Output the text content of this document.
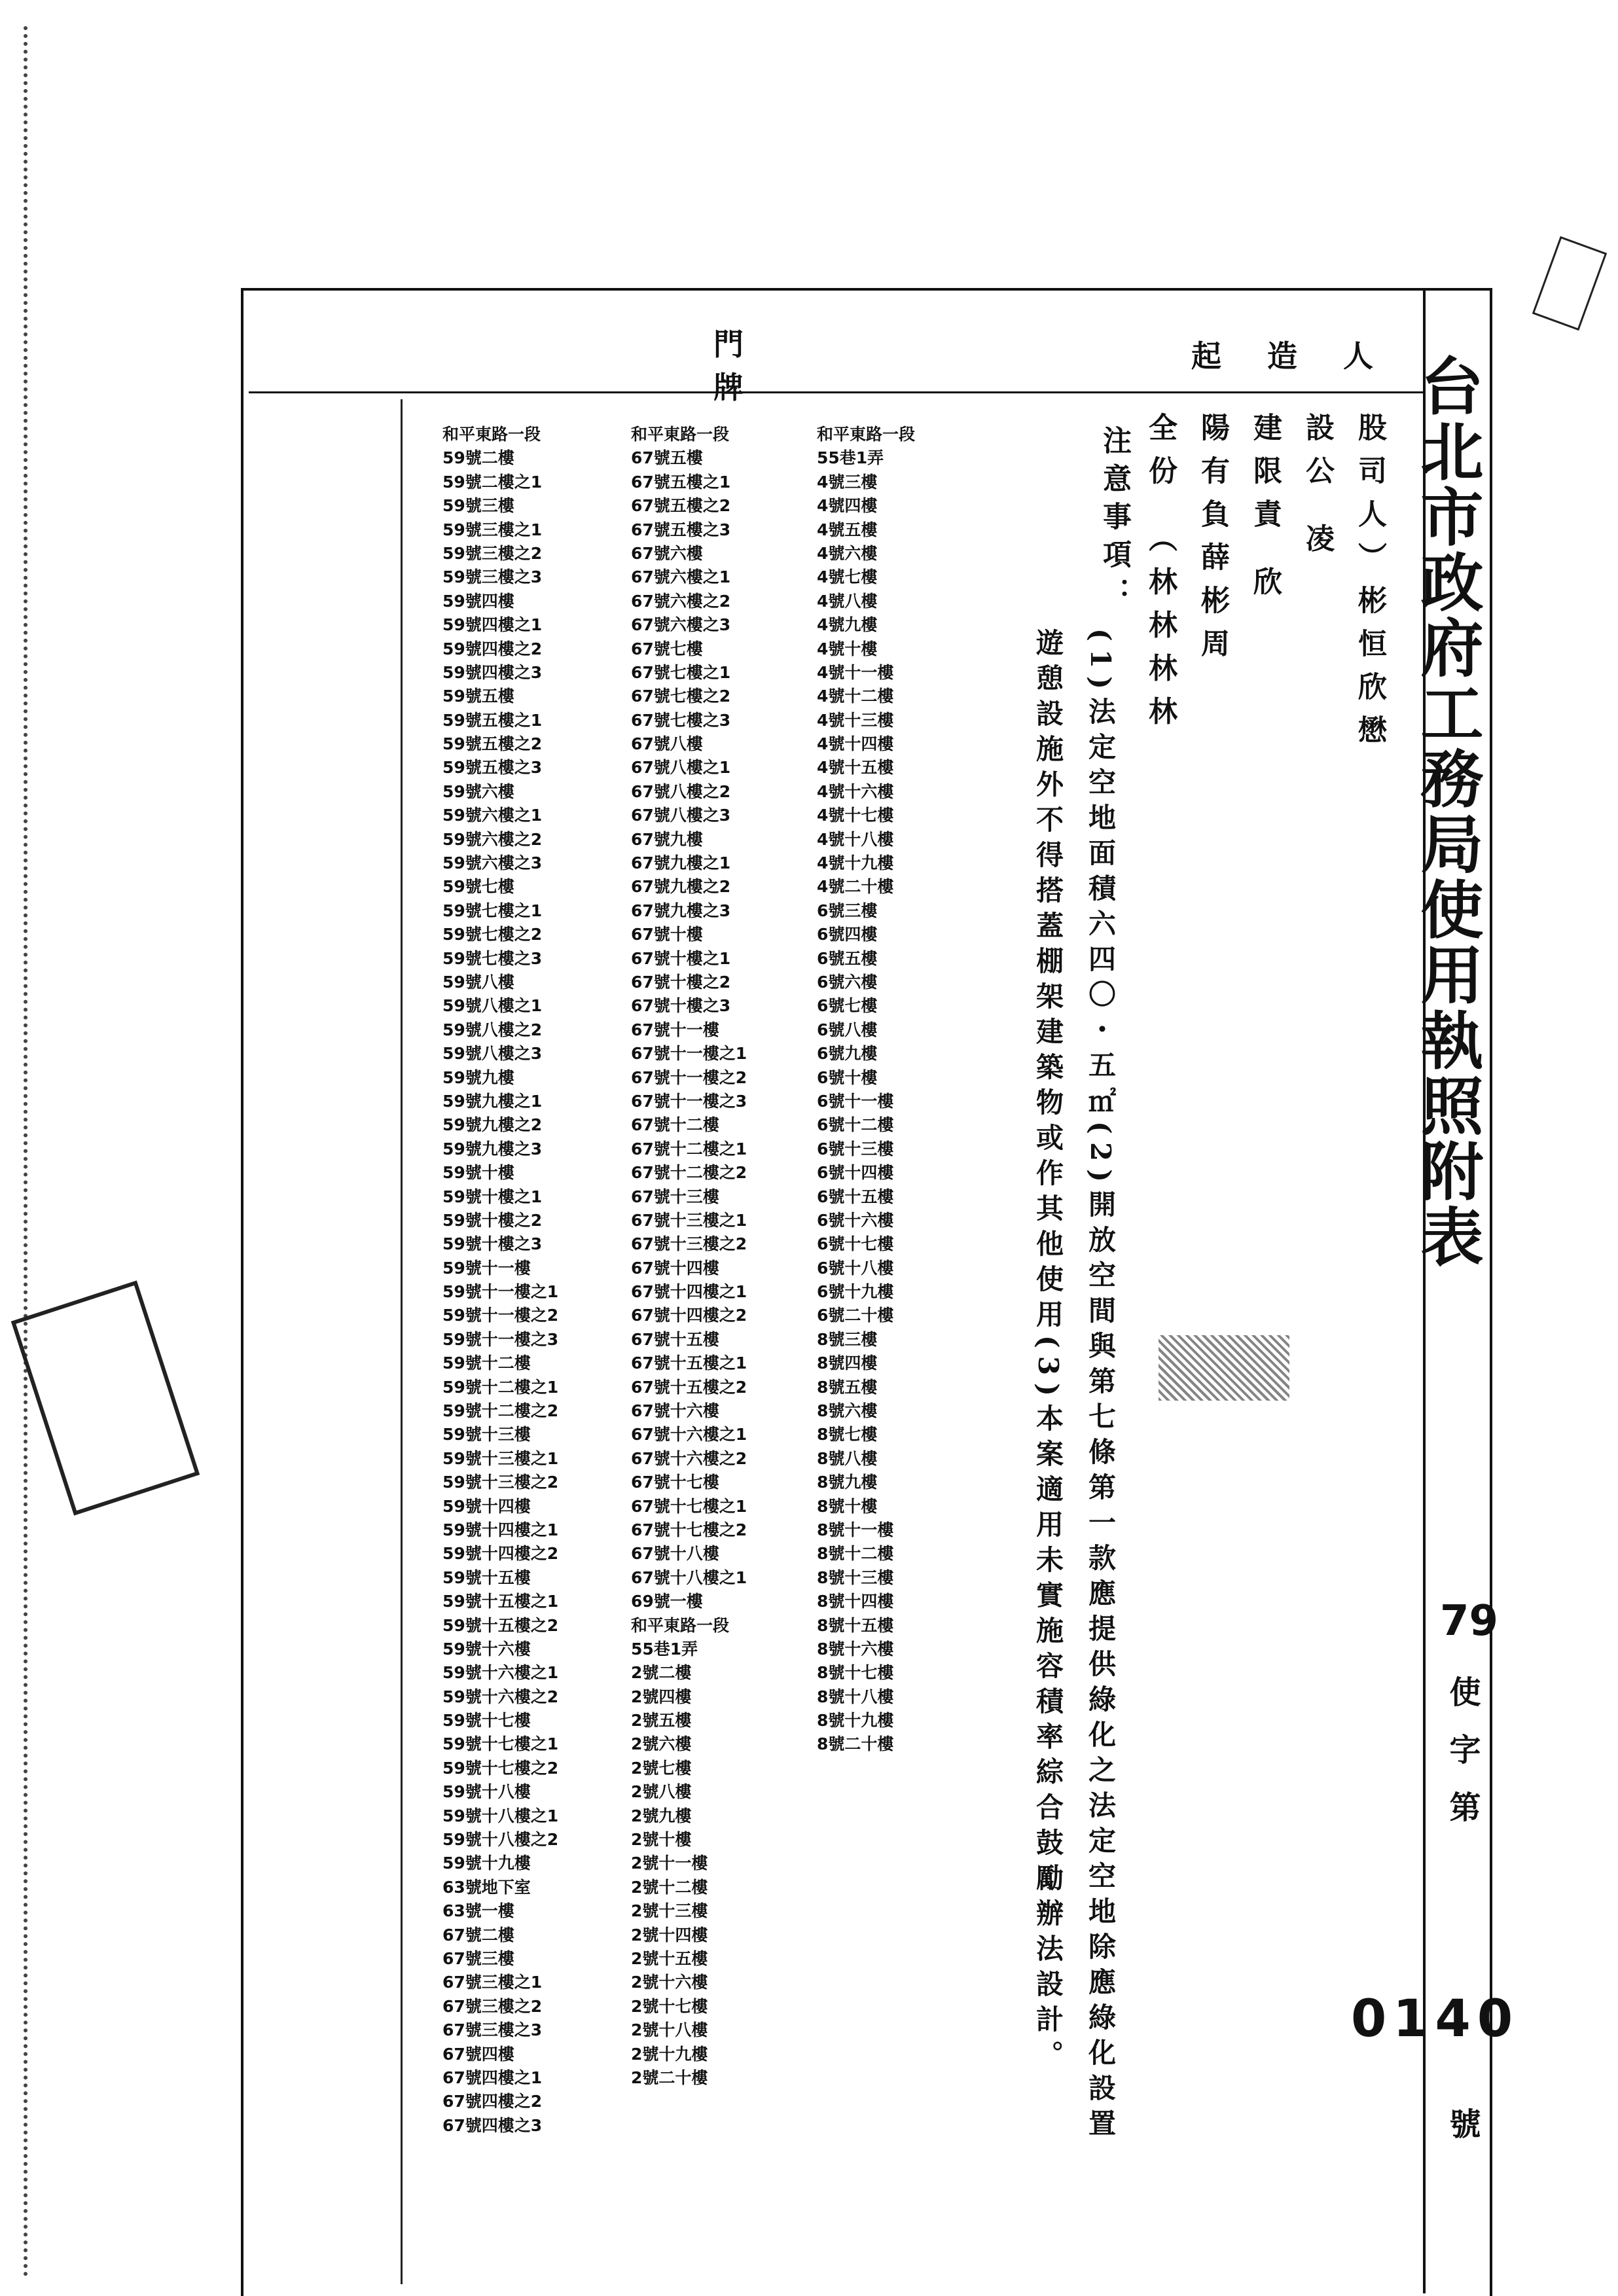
門牌
起造人
台北市政府工務局使用執照附表
79
使字第
0140
號
股司人）彬恒欣懋
設公 凌
建限責 欣
陽有負薛彬周
全份 （林林林林
注意事項：
(1)法定空地面積六四〇・五㎡(2)開放空間與第七條第一款應提供綠化之法定空地除應綠化設置
遊憩設施外不得搭蓋棚架建築物或作其他使用(3)本案適用未實施容積率綜合鼓勵辦法設計。
和平東路一段
59號二樓
59號二樓之1
59號三樓
59號三樓之1
59號三樓之2
59號三樓之3
59號四樓
59號四樓之1
59號四樓之2
59號四樓之3
59號五樓
59號五樓之1
59號五樓之2
59號五樓之3
59號六樓
59號六樓之1
59號六樓之2
59號六樓之3
59號七樓
59號七樓之1
59號七樓之2
59號七樓之3
59號八樓
59號八樓之1
59號八樓之2
59號八樓之3
59號九樓
59號九樓之1
59號九樓之2
59號九樓之3
59號十樓
59號十樓之1
59號十樓之2
59號十樓之3
59號十一樓
59號十一樓之1
59號十一樓之2
59號十一樓之3
59號十二樓
59號十二樓之1
59號十二樓之2
59號十三樓
59號十三樓之1
59號十三樓之2
59號十四樓
59號十四樓之1
59號十四樓之2
59號十五樓
59號十五樓之1
59號十五樓之2
59號十六樓
59號十六樓之1
59號十六樓之2
59號十七樓
59號十七樓之1
59號十七樓之2
59號十八樓
59號十八樓之1
59號十八樓之2
59號十九樓
63號地下室
63號一樓
67號二樓
67號三樓
67號三樓之1
67號三樓之2
67號三樓之3
67號四樓
67號四樓之1
67號四樓之2
67號四樓之3
和平東路一段
67號五樓
67號五樓之1
67號五樓之2
67號五樓之3
67號六樓
67號六樓之1
67號六樓之2
67號六樓之3
67號七樓
67號七樓之1
67號七樓之2
67號七樓之3
67號八樓
67號八樓之1
67號八樓之2
67號八樓之3
67號九樓
67號九樓之1
67號九樓之2
67號九樓之3
67號十樓
67號十樓之1
67號十樓之2
67號十樓之3
67號十一樓
67號十一樓之1
67號十一樓之2
67號十一樓之3
67號十二樓
67號十二樓之1
67號十二樓之2
67號十三樓
67號十三樓之1
67號十三樓之2
67號十四樓
67號十四樓之1
67號十四樓之2
67號十五樓
67號十五樓之1
67號十五樓之2
67號十六樓
67號十六樓之1
67號十六樓之2
67號十七樓
67號十七樓之1
67號十七樓之2
67號十八樓
67號十八樓之1
69號一樓
和平東路一段
55巷1弄
2號二樓
2號四樓
2號五樓
2號六樓
2號七樓
2號八樓
2號九樓
2號十樓
2號十一樓
2號十二樓
2號十三樓
2號十四樓
2號十五樓
2號十六樓
2號十七樓
2號十八樓
2號十九樓
2號二十樓
和平東路一段
55巷1弄
4號三樓
4號四樓
4號五樓
4號六樓
4號七樓
4號八樓
4號九樓
4號十樓
4號十一樓
4號十二樓
4號十三樓
4號十四樓
4號十五樓
4號十六樓
4號十七樓
4號十八樓
4號十九樓
4號二十樓
6號三樓
6號四樓
6號五樓
6號六樓
6號七樓
6號八樓
6號九樓
6號十樓
6號十一樓
6號十二樓
6號十三樓
6號十四樓
6號十五樓
6號十六樓
6號十七樓
6號十八樓
6號十九樓
6號二十樓
8號三樓
8號四樓
8號五樓
8號六樓
8號七樓
8號八樓
8號九樓
8號十樓
8號十一樓
8號十二樓
8號十三樓
8號十四樓
8號十五樓
8號十六樓
8號十七樓
8號十八樓
8號十九樓
8號二十樓
